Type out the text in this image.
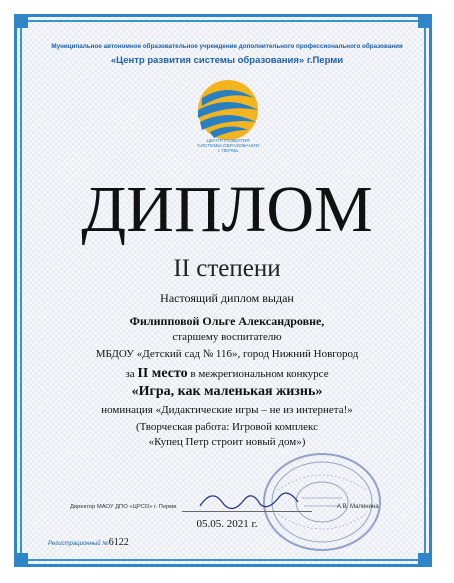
Муниципальное автономное образовательное учреждение дополнительного профессионального образования
«Центр развития системы образования» г.Перми
ЦЕНТР РАЗВИТИЯ
СИСТЕМЫ ОБРАЗОВАНИЯ
г. ПЕРМЬ
ДИПЛОМ
II степени
Настоящий диплом выдан
Филипповой Ольге Александровне,
старшему воспитателю
МБДОУ «Детский сад № 116», город Нижний Новгород
за II место в межрегиональном конкурсе
«Игра, как маленькая жизнь»
номинация «Дидактические игры – не из интернета!»
(Творческая работа: Игровой комплекс
«Купец Петр строит новый дом»)
Директор МАОУ ДПО «ЦРСО» г. Перми	А.В. Малинина
05.05. 2021 г.
Регистрационный №6122
